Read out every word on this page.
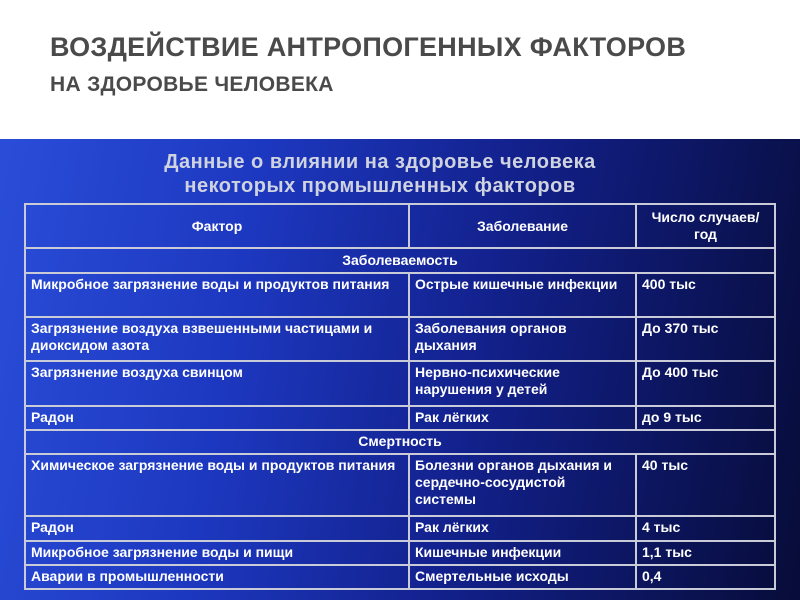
ВОЗДЕЙСТВИЕ АНТРОПОГЕННЫХ ФАКТОРОВ
НА ЗДОРОВЬЕ ЧЕЛОВЕКА
Данные о влиянии на здоровье человека
некоторых промышленных факторов
Фактор	Заболевание	Число случаев/год
Заболеваемость		
Микробное загрязнение воды и продуктов питания	Острые кишечные инфекции	400 тыс
Загрязнение воздуха взвешенными частицами и диоксидом азота	Заболевания органов дыхания	До 370 тыс
Загрязнение воздуха свинцом	Нервно-психические нарушения у детей	До 400 тыс
Радон	Рак лёгких	до 9 тыс
Смертность		
Химическое загрязнение воды и продуктов питания	Болезни органов дыхания и сердечно-сосудистой системы	40 тыс
Радон	Рак лёгких	4 тыс
Микробное загрязнение воды и пищи	Кишечные инфекции	1,1 тыс
Аварии в промышленности	Смертельные исходы	0,4
